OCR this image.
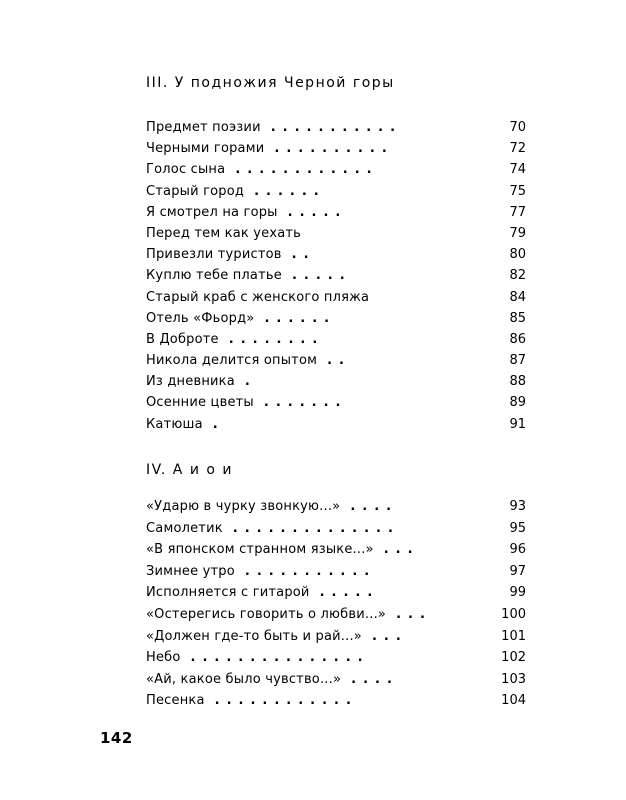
III. У подножия Черной горы
Предмет поэзии ...........	70
Черными горами ..........	72
Голос сына ............	74
Старый город ......	75
Я смотрел на горы .....	77
Перед тем как уехать	79
Привезли туристов ..	80
Куплю тебе платье .....	82
Старый краб с женского пляжа	84
Отель «Фьорд» ......	85
В Доброте ........	86
Никола делится опытом ..	87
Из дневника .	88
Осенние цветы .......	89
Катюша .	91
IV. А и о и
«Ударю в чурку звонкую...» ....	93
Самолетик ..............	95
«В японском странном языке...» ...	96
Зимнее утро ...........	97
Исполняется с гитарой .....	99
«Остерегись говорить о любви...» ...	100
«Должен где-то быть и рай...» ...	101
Небо ...............	102
«Ай, какое было чувство...» ....	103
Песенка ............	104
142
